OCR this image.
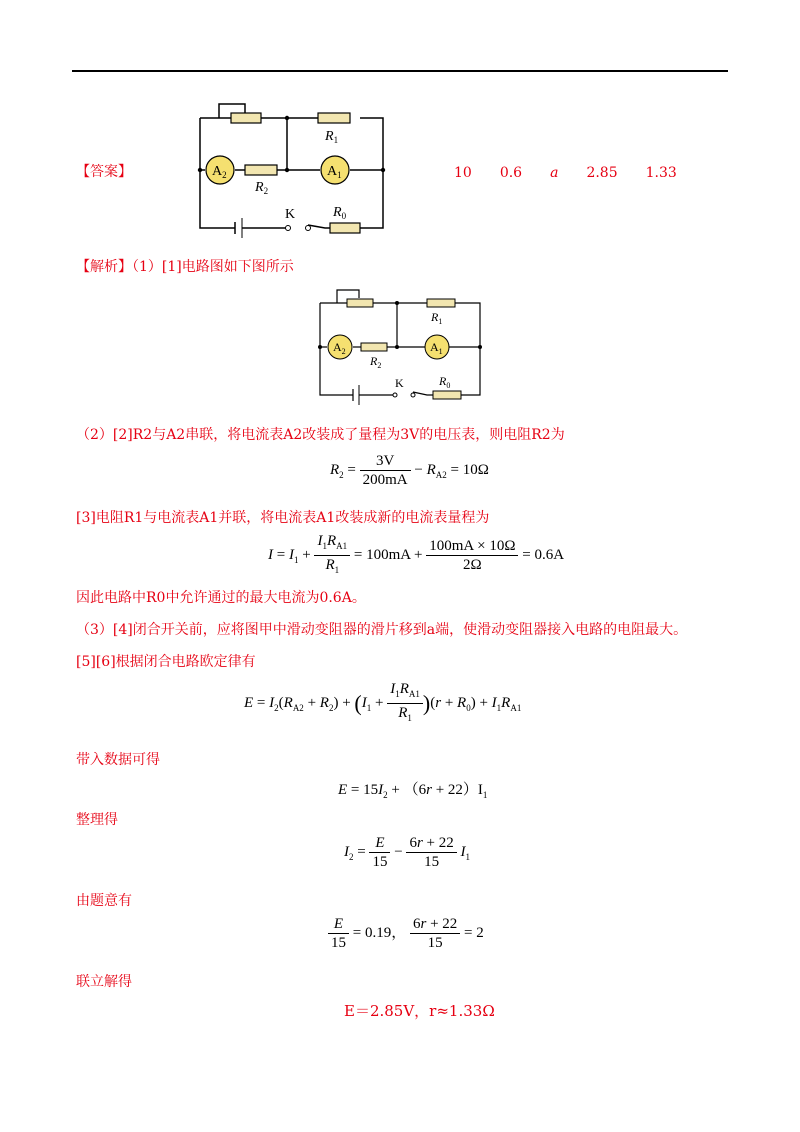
【答案】	$A_2$	$A_1$
$R_1$
$R_2$
$R_0$
K
10 0.6 a 2.85 1.33
【解析】（1）[1]电路图如下图所示
$A_2$	$A_1$
$R_1$
$R_2$
$R_0$
K
（2）[2]R2与A2串联，将电流表A2改装成了量程为3V的电压表，则电阻R2为
$R_2 = \frac{3V}{200mA} - R_{A2} = 10\Omega$
[3]电阻R1与电流表A1并联，将电流表A1改装成新的电流表量程为
$I = I_1 + \frac{I_1R_{A1}}{R_1} = 100mA + \frac{100mA \times 10\Omega}{2\Omega} = 0.6A$
因此电路中R0中允许通过的最大电流为0.6A。
（3）[4]闭合开关前，应将图甲中滑动变阻器的滑片移到a端，使滑动变阻器接入电路的电阻最大。
[5][6]根据闭合电路欧定律有
$E = I_2(R_{A2} + R_2) + (I_1 + \frac{I_1R_{A1}}{R_1} )(r + R_0) + I_1R_{A1}$
带入数据可得
$E = 15I_2 + (6r + 22)I_1$
整理得
$I_2 = \frac{E}{15} - \frac{6r + 22}{15} I_1$
由题意有
$\frac{E}{15} = 0.19$， $\frac{6r + 22}{15} = 2$
联立解得
E＝2.85V，r≈1.33Ω
